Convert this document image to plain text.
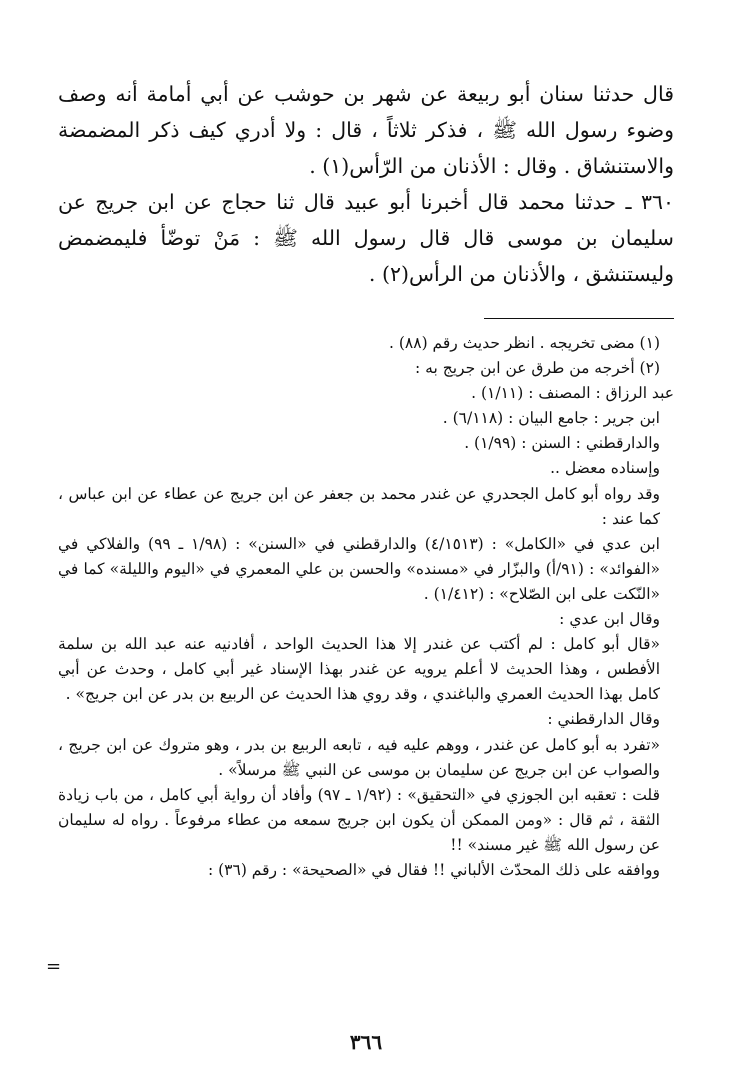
قال حدثنا سنان أبو ربيعة عن شهر بن حوشب عن أبي أمامة أنه وصف وضوء رسول الله ﷺ ، فذكر ثلاثاً ، قال : ولا أدري كيف ذكر المضمضة والاستنشاق . وقال : الأذنان من الرّأس(١) .

٣٦٠ ـ حدثنا محمد قال أخبرنا أبو عبيد قال ثنا حجاج عن ابن جريج عن سليمان بن موسى قال قال رسول الله ﷺ : مَنْ توضّأ فليمضمض وليستنشق ، والأذنان من الرأس(٢) .

(١) مضى تخريجه . انظر حديث رقم (٨٨) .

(٢) أخرجه من طرق عن ابن جريج به :

عبد الرزاق : المصنف : (١/١١) .

ابن جرير : جامع البيان : (٦/١١٨) .

والدارقطني : السنن : (١/٩٩) .

وإسناده معضل ..

وقد رواه أبو كامل الجحدري عن غندر محمد بن جعفر عن ابن جريج عن عطاء عن ابن عباس ، كما عند :

ابن عدي في «الكامل» : (٤/١٥١٣) والدارقطني في «السنن» : (١/٩٨ ـ ٩٩) والفلاكي في «الفوائد» : (٩١/أ) والبزّار في «مسنده» والحسن بن علي المعمري في «اليوم والليلة» كما في «النّكت على ابن الصّلاح» : (١/٤١٢) .

وقال ابن عدي :

«قال أبو كامل : لم أكتب عن غندر إلا هذا الحديث الواحد ، أفادنيه عنه عبد الله بن سلمة الأفطس ، وهذا الحديث لا أعلم يرويه عن غندر بهذا الإسناد غير أبي كامل ، وحدث عن أبي كامل بهذا الحديث العمري والباغندي ، وقد روي هذا الحديث عن الربيع بن بدر عن ابن جريج» .

وقال الدارقطني :

«تفرد به أبو كامل عن غندر ، ووهم عليه فيه ، تابعه الربيع بن بدر ، وهو متروك عن ابن جريج ، والصواب عن ابن جريج عن سليمان بن موسى عن النبي ﷺ مرسلاً» .

قلت : تعقبه ابن الجوزي في «التحقيق» : (١/٩٢ ـ ٩٧) وأفاد أن رواية أبي كامل ، من باب زيادة الثقة ، ثم قال : «ومن الممكن أن يكون ابن جريج سمعه من عطاء مرفوعاً . رواه له سليمان عن رسول الله ﷺ غير مسند» !!

ووافقه على ذلك المحدّث الألباني !! فقال في «الصحيحة» : رقم (٣٦) :

=
٣٦٦
